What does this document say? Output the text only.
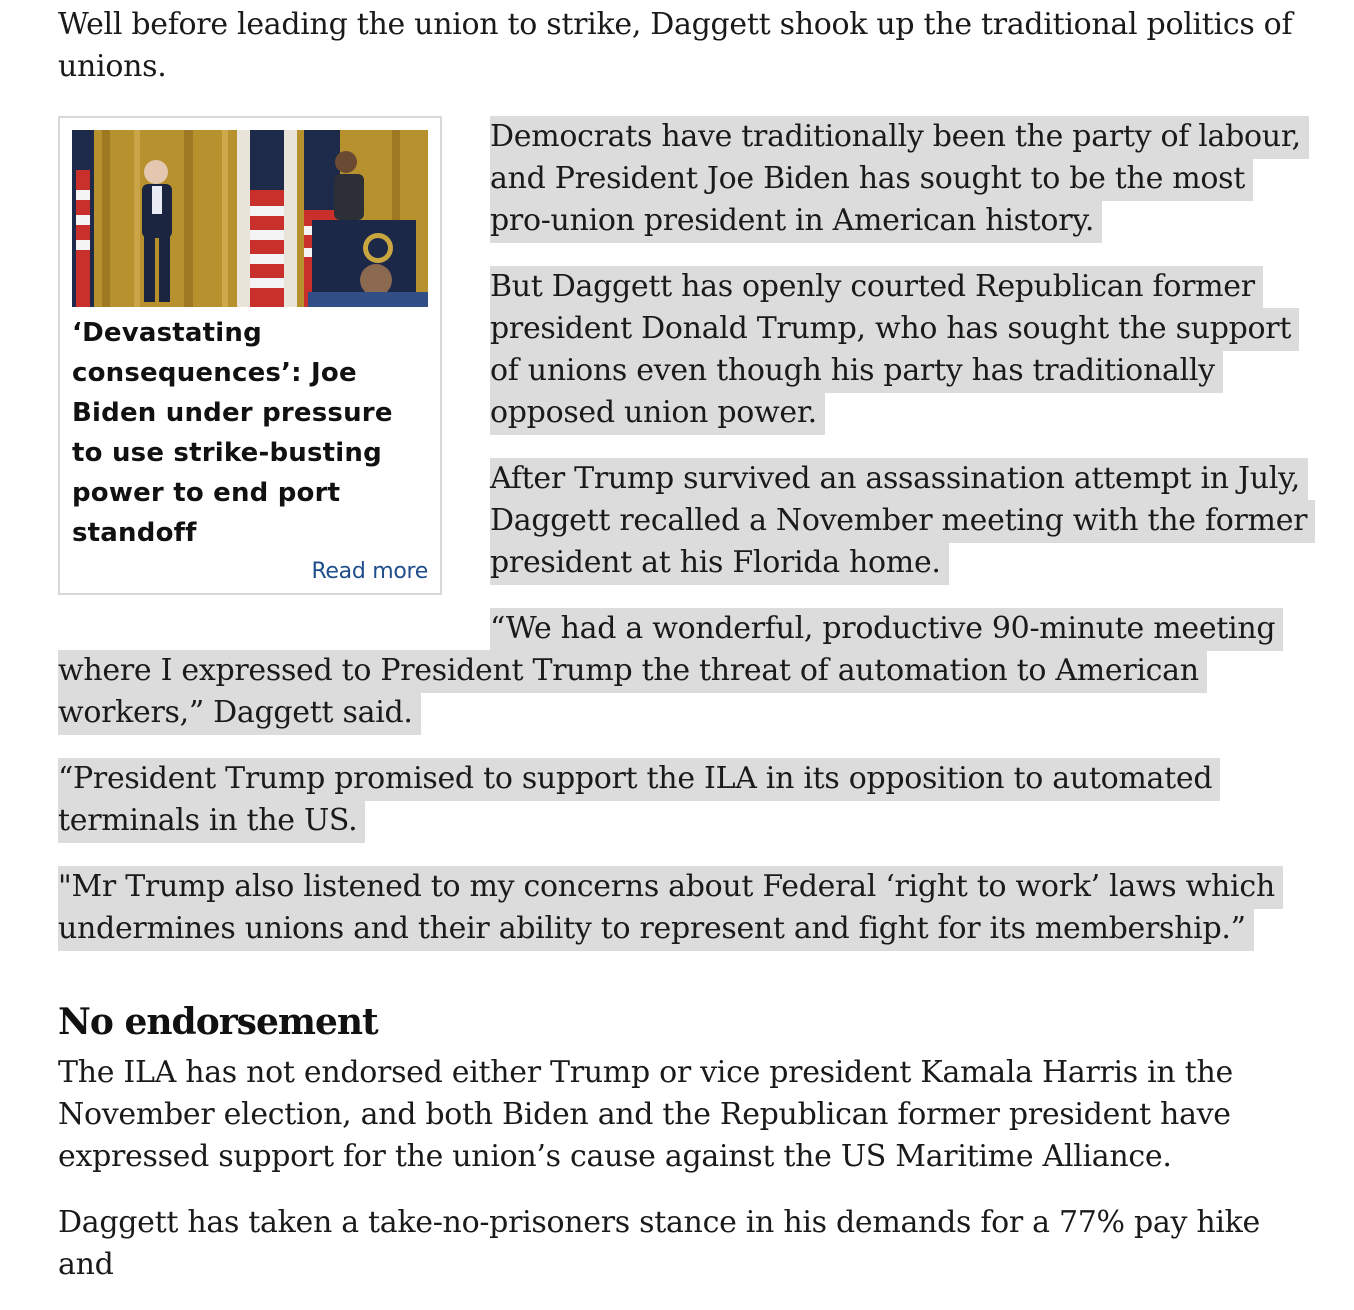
Well before leading the union to strike, Daggett shook up the traditional politics of unions.

‘Devastating consequences’: Joe Biden under pressure to use strike-busting power to end port standoff
Read more

Democrats have traditionally been the party of labour, and President Joe Biden has sought to be the most pro-union president in American history.

But Daggett has openly courted Republican former president Donald Trump, who has sought the support of unions even though his party has traditionally opposed union power.

After Trump survived an assassination attempt in July, Daggett recalled a November meeting with the former president at his Florida home.

“We had a wonderful, productive 90-minute meeting where I expressed to President Trump the threat of automation to American workers,” Daggett said.

“President Trump promised to support the ILA in its opposition to automated terminals in the US.

"Mr Trump also listened to my concerns about Federal ‘right to work’ laws which undermines unions and their ability to represent and fight for its membership.”

No endorsement

The ILA has not endorsed either Trump or vice president Kamala Harris in the November election, and both Biden and the Republican former president have expressed support for the union’s cause against the US Maritime Alliance.

Daggett has taken a take-no-prisoners stance in his demands for a 77% pay hike and
